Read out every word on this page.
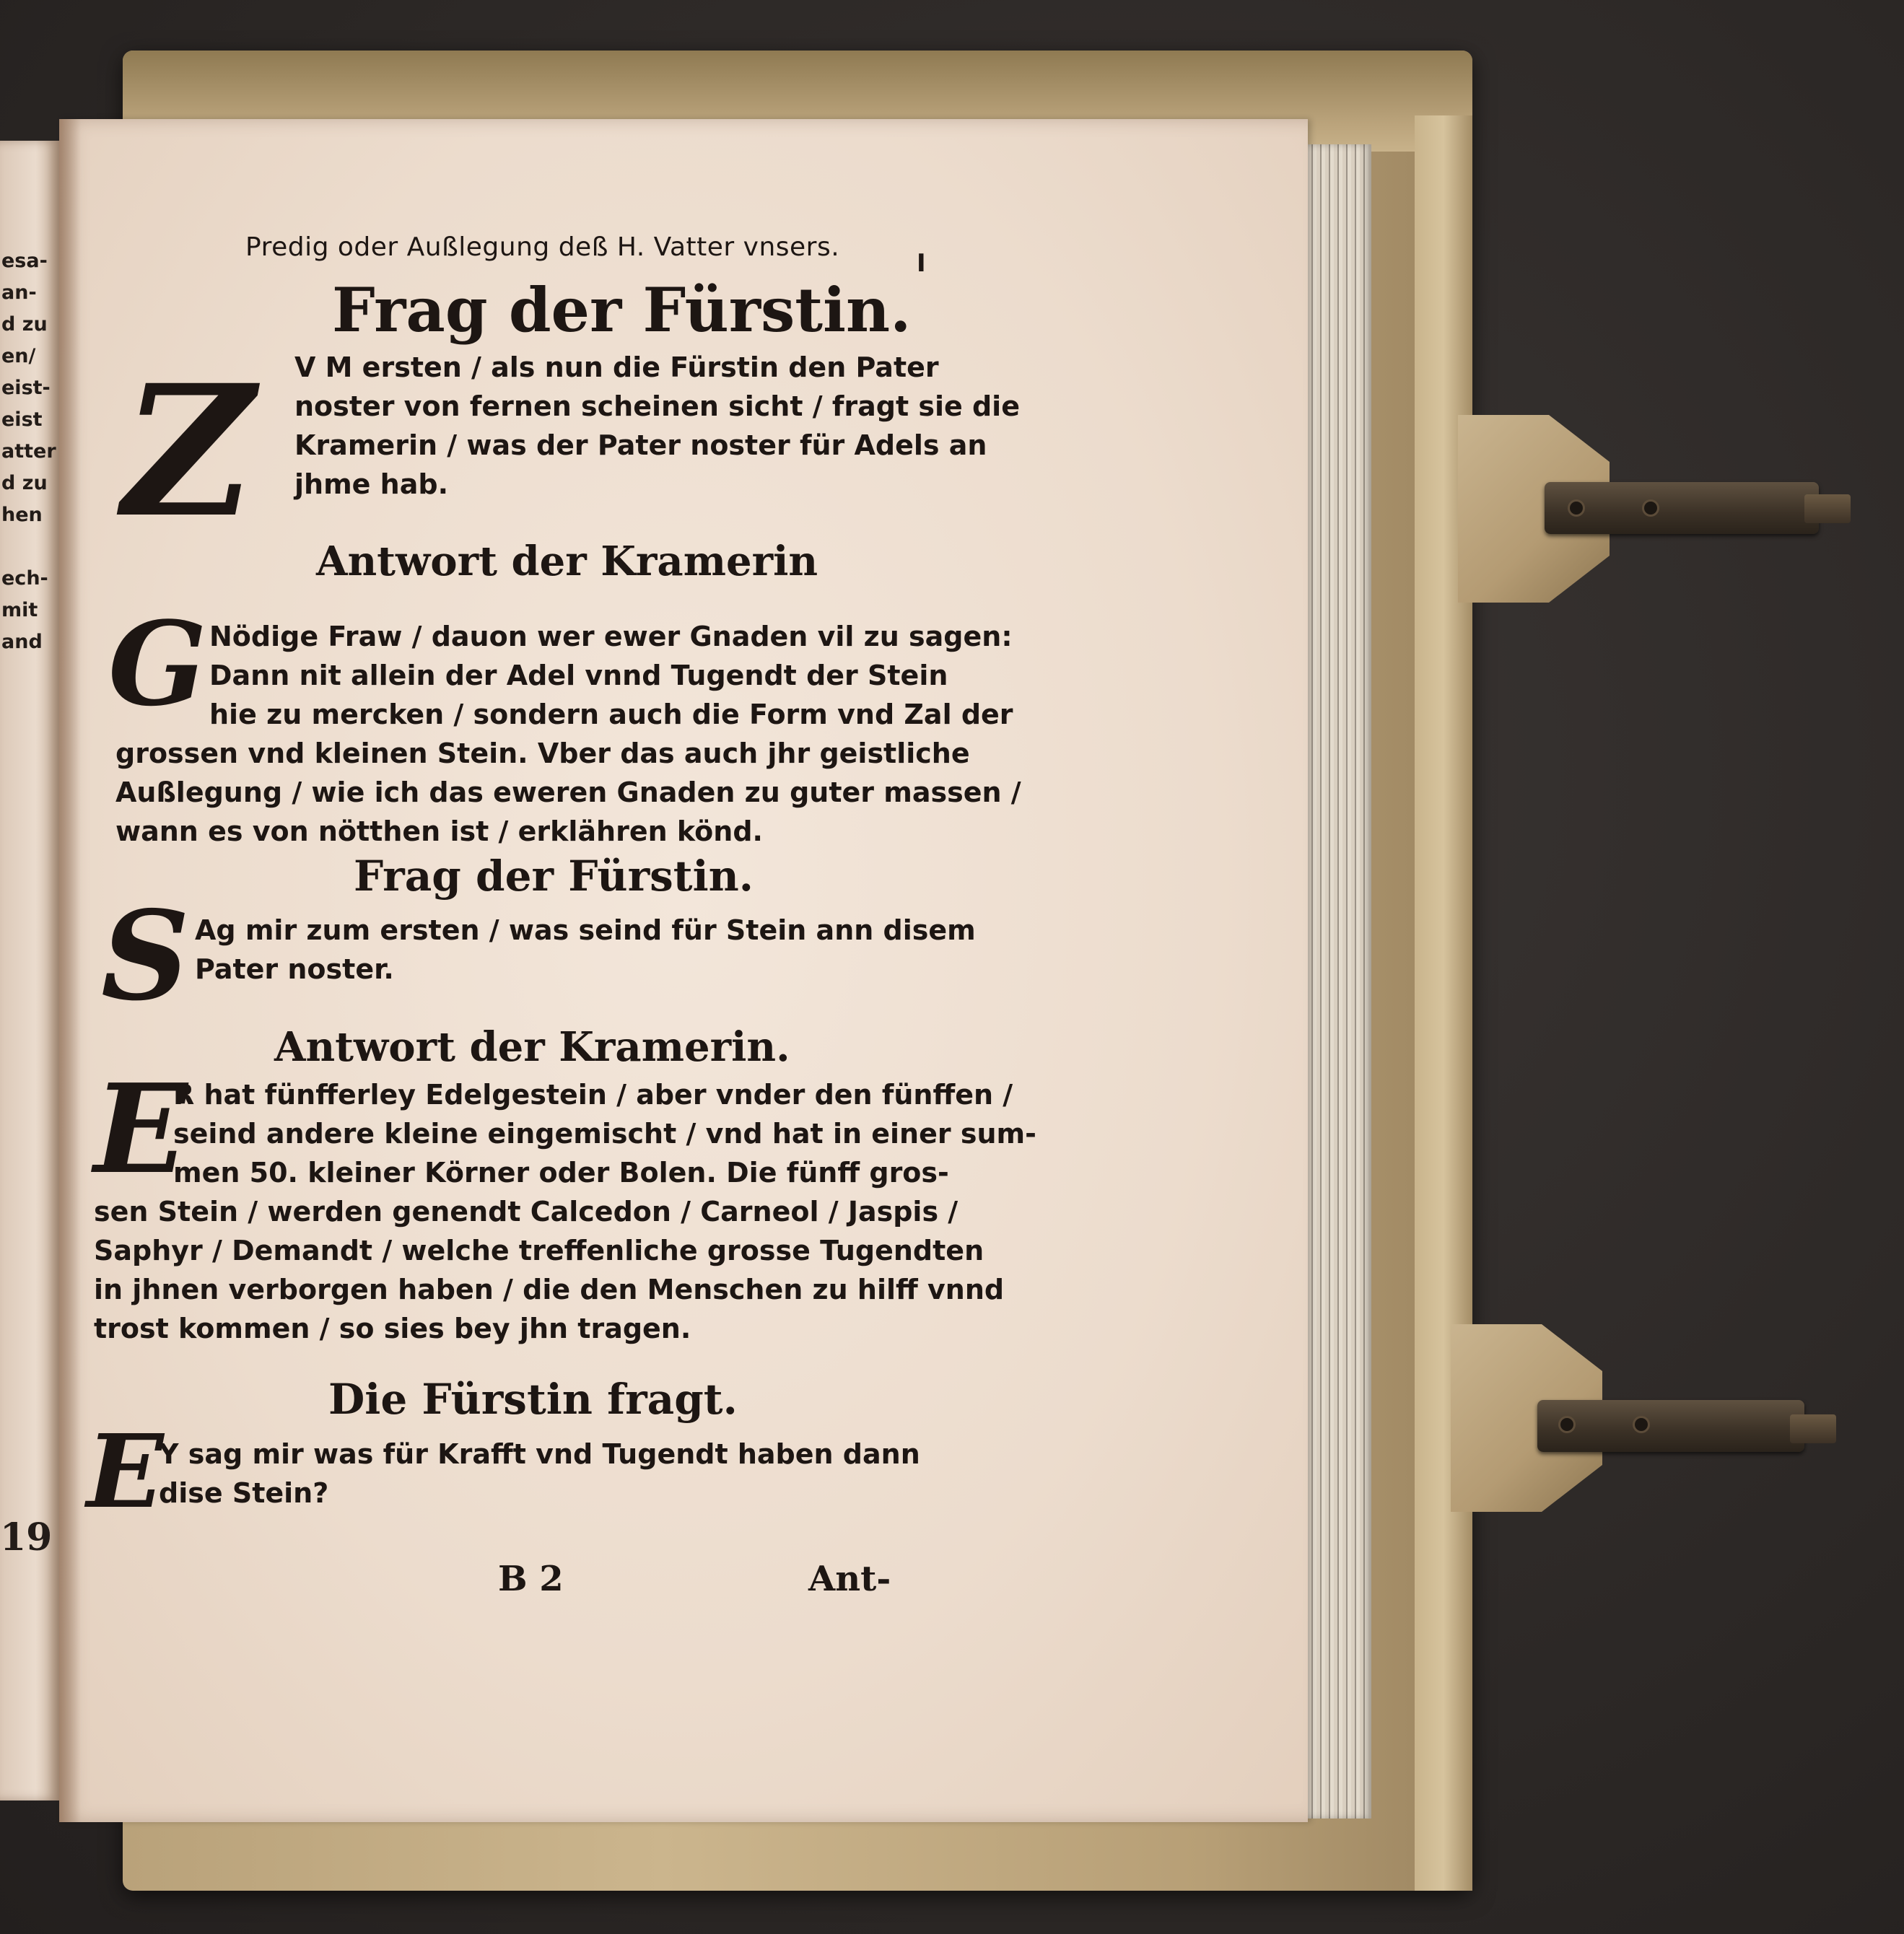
esa-
an-
d zu
en/
eist-
eist
atter
d zu
hen
ech-
mit
and
19
Predig oder Außlegung deß H. Vatter vnsers.
I
Frag der Fürstin.
Z V M ersten / als nun die Fürstin den Pater
noster von fernen scheinen sicht / fragt sie die
Kramerin / was der Pater noster für Adels an
jhme hab.
Antwort der Kramerin
G Nödige Fraw / dauon wer ewer Gnaden vil zu sagen:
Dann nit allein der Adel vnnd Tugendt der Stein
hie zu mercken / sondern auch die Form vnd Zal der
grossen vnd kleinen Stein. Vber das auch jhr geistliche
Außlegung / wie ich das eweren Gnaden zu guter massen /
wann es von nötthen ist / erklähren könd.
Frag der Fürstin.
S Ag mir zum ersten / was seind für Stein ann disem
Pater noster.
Antwort der Kramerin.
E
R hat fünfferley Edelgestein / aber vnder den fünffen /
seind andere kleine eingemischt / vnd hat in einer sum-
men 50. kleiner Körner oder Bolen. Die fünff gros-
sen Stein / werden genendt Calcedon / Carneol / Jaspis /
Saphyr / Demandt / welche treffenliche grosse Tugendten
in jhnen verborgen haben / die den Menschen zu hilff vnnd
trost kommen / so sies bey jhn tragen.
Die Fürstin fragt.
E
Y sag mir was für Krafft vnd Tugendt haben dann
dise Stein?
B 2	Ant-
